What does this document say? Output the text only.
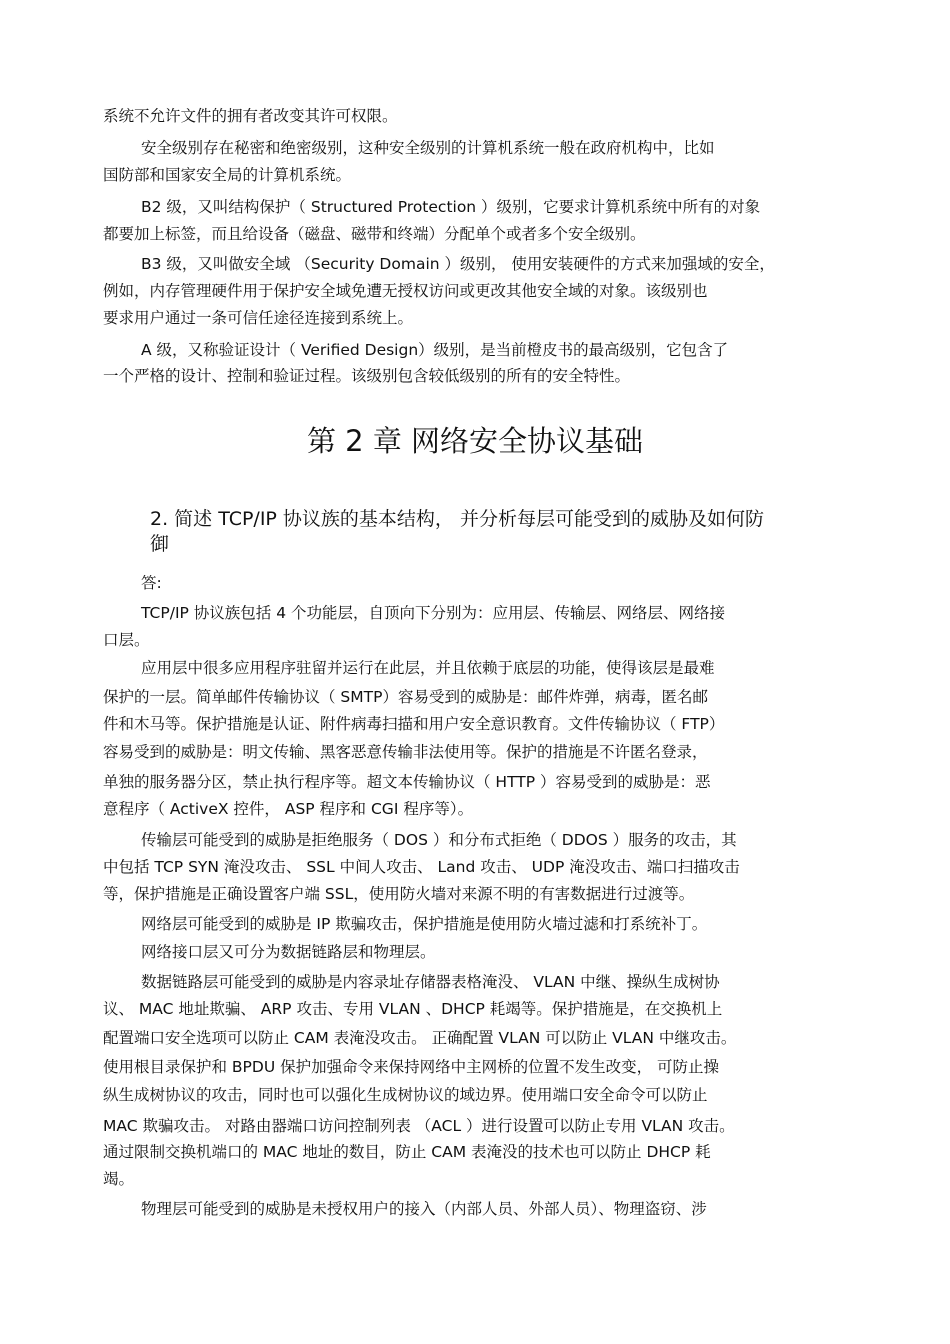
系统不允许文件的拥有者改变其许可权限。
安全级别存在秘密和绝密级别，这种安全级别的计算机系统一般在政府机构中，比如
国防部和国家安全局的计算机系统。
B2 级，又叫结构保护（ Structured Protection ）级别，它要求计算机系统中所有的对象
都要加上标签，而且给设备（磁盘、磁带和终端）分配单个或者多个安全级别。
B3 级，又叫做安全域 （Security Domain ）级别， 使用安装硬件的方式来加强域的安全，
例如，内存管理硬件用于保护安全域免遭无授权访问或更改其他安全域的对象。该级别也
要求用户通过一条可信任途径连接到系统上。
A 级，又称验证设计（ Verified Design）级别，是当前橙皮书的最高级别，它包含了
一个严格的设计、控制和验证过程。该级别包含较低级别的所有的安全特性。
第 2 章 网络安全协议基础
2. 简述 TCP/IP 协议族的基本结构， 并分析每层可能受到的威胁及如何防
御
答:
TCP/IP 协议族包括 4 个功能层，自顶向下分别为：应用层、传输层、网络层、网络接
口层。
应用层中很多应用程序驻留并运行在此层，并且依赖于底层的功能，使得该层是最难
保护的一层。简单邮件传输协议（ SMTP）容易受到的威胁是：邮件炸弹，病毒，匿名邮
件和木马等。保护措施是认证、附件病毒扫描和用户安全意识教育。文件传输协议（ FTP）
容易受到的威胁是：明文传输、黑客恶意传输非法使用等。保护的措施是不许匿名登录，
单独的服务器分区，禁止执行程序等。超文本传输协议（ HTTP ）容易受到的威胁是：恶
意程序（ ActiveX 控件， ASP 程序和 CGI 程序等）。
传输层可能受到的威胁是拒绝服务（ DOS ）和分布式拒绝（ DDOS ）服务的攻击，其
中包括 TCP SYN 淹没攻击、 SSL 中间人攻击、 Land 攻击、 UDP 淹没攻击、端口扫描攻击
等，保护措施是正确设置客户端 SSL，使用防火墙对来源不明的有害数据进行过渡等。
网络层可能受到的威胁是 IP 欺骗攻击，保护措施是使用防火墙过滤和打系统补丁。
网络接口层又可分为数据链路层和物理层。
数据链路层可能受到的威胁是内容录址存储器表格淹没、 VLAN 中继、操纵生成树协
议、 MAC 地址欺骗、 ARP 攻击、专用 VLAN 、DHCP 耗竭等。保护措施是，在交换机上
配置端口安全选项可以防止 CAM 表淹没攻击。 正确配置 VLAN 可以防止 VLAN 中继攻击。
使用根目录保护和 BPDU 保护加强命令来保持网络中主网桥的位置不发生改变， 可防止操
纵生成树协议的攻击，同时也可以强化生成树协议的域边界。使用端口安全命令可以防止
MAC 欺骗攻击。 对路由器端口访问控制列表 （ACL ）进行设置可以防止专用 VLAN 攻击。
通过限制交换机端口的 MAC 地址的数目，防止 CAM 表淹没的技术也可以防止 DHCP 耗
竭。
物理层可能受到的威胁是未授权用户的接入（内部人员、外部人员）、物理盗窃、涉
